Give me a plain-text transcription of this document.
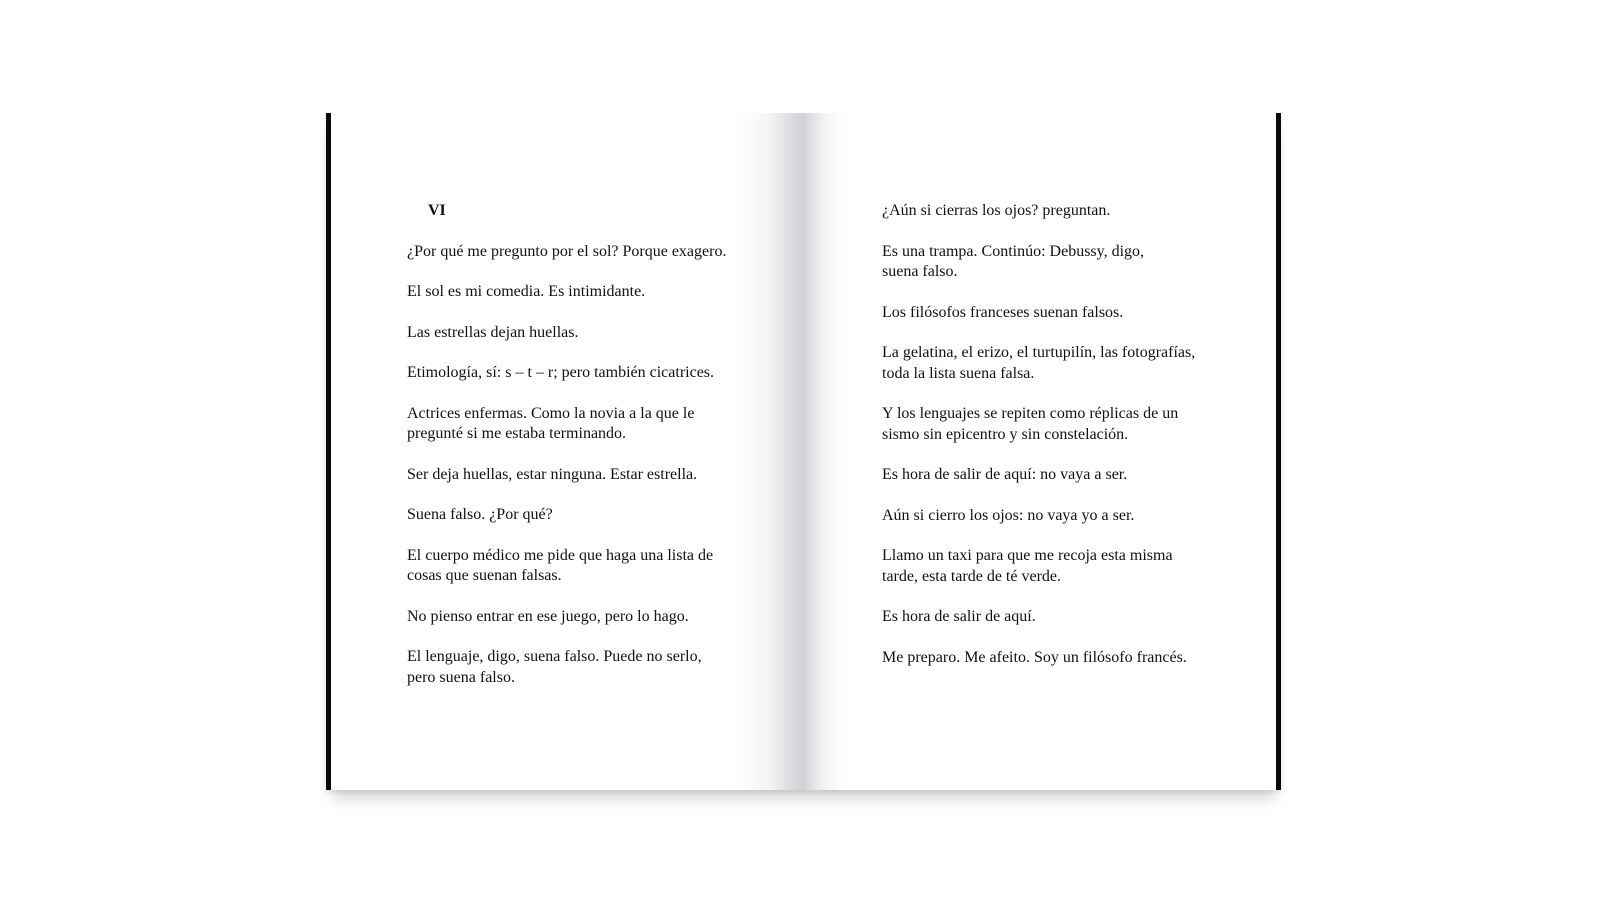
VI
¿Por qué me pregunto por el sol? Porque exagero.
El sol es mi comedia. Es intimidante.
Las estrellas dejan huellas.
Etimología, sí: s – t – r; pero también cicatrices.
Actrices enfermas. Como la novia a la que le
pregunté si me estaba terminando.
Ser deja huellas, estar ninguna. Estar estrella.
Suena falso. ¿Por qué?
El cuerpo médico me pide que haga una lista de
cosas que suenan falsas.
No pienso entrar en ese juego, pero lo hago.
El lenguaje, digo, suena falso. Puede no serlo,
pero suena falso.
¿Aún si cierras los ojos? preguntan.
Es una trampa. Continúo: Debussy, digo,
suena falso.
Los filósofos franceses suenan falsos.
La gelatina, el erizo, el turtupilín, las fotografías,
toda la lista suena falsa.
Y los lenguajes se repiten como réplicas de un
sismo sin epicentro y sin constelación.
Es hora de salir de aquí: no vaya a ser.
Aún si cierro los ojos: no vaya yo a ser.
Llamo un taxi para que me recoja esta misma
tarde, esta tarde de té verde.
Es hora de salir de aquí.
Me preparo. Me afeito. Soy un filósofo francés.
